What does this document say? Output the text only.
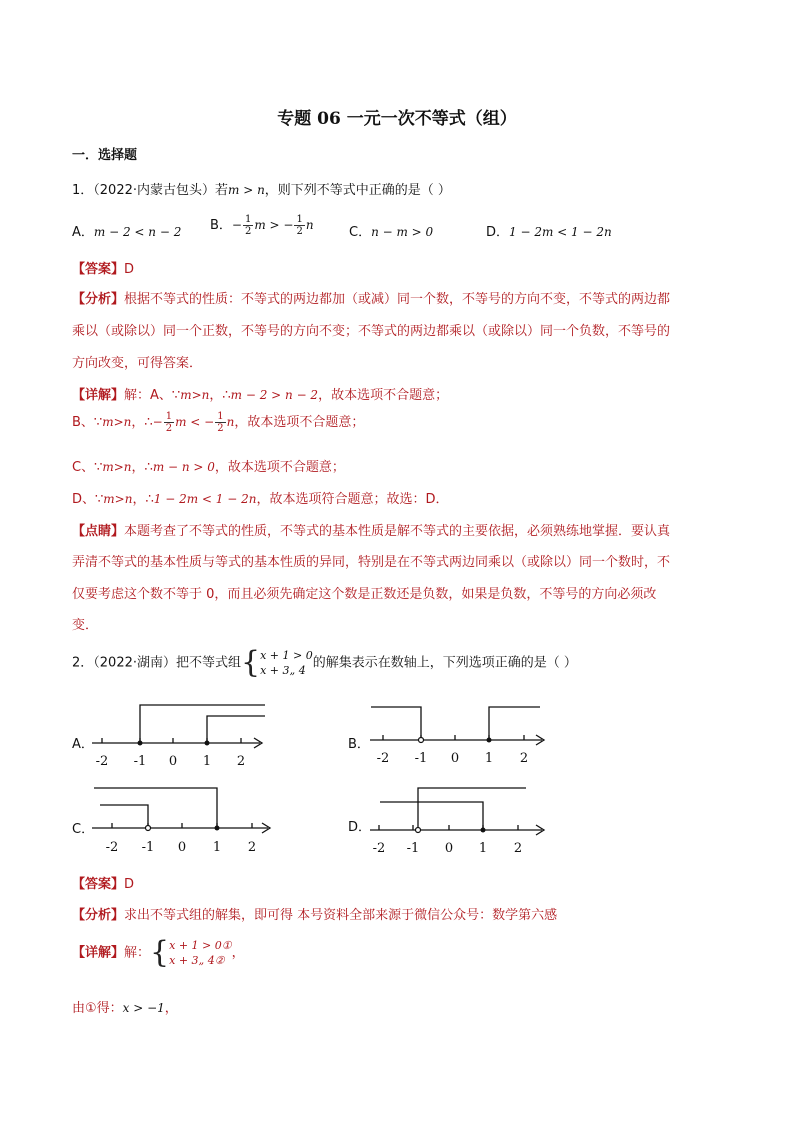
专题 06 一元一次不等式（组）
一．选择题
1．（2022·内蒙古包头）若m > n，则下列不等式中正确的是（ ）
A．m − 2 < n − 2 B．− $\frac{1}{2}$ m > − $\frac{1}{2}$ n	C．n − m > 0	D．1 − 2m < 1 − 2n
【答案】D
【分析】根据不等式的性质：不等式的两边都加（或减）同一个数，不等号的方向不变，不等式的两边都
乘以（或除以）同一个正数，不等号的方向不变；不等式的两边都乘以（或除以）同一个负数，不等号的
方向改变，可得答案．
【详解】解：A、∵m>n，∴m − 2 > n − 2，故本选项不合题意；
B、∵m>n，∴− $\frac{1}{2}$ m < − $\frac{1}{2}$ n，故本选项不合题意；
C、∵m>n，∴m − n > 0，故本选项不合题意；
D、∵m>n，∴1 − 2m < 1 − 2n，故本选项符合题意；故选：D．
【点睛】本题考查了不等式的性质，不等式的基本性质是解不等式的主要依据，必须熟练地掌握．要认真
弄清不等式的基本性质与等式的基本性质的异同，特别是在不等式两边同乘以（或除以）同一个数时，不
仅要考虑这个数不等于 0，而且必须先确定这个数是正数还是负数，如果是负数，不等号的方向必须改
变．
2．（2022·湖南）把不等式组{ x + 1 > 0
x + 3„ 4 的解集表示在数轴上，下列选项正确的是（ ）
A．	B．
C．	D．
-2 -1 0 1 2	-2 -1 0 1 2
-2 -1 0 1 2	-2 -1 0 1 2
【答案】D
【分析】求出不等式组的解集，即可得 本号资料全部来源于微信公众号：数学第六感
【详解】解：{ x + 1 > 0①
x + 3„ 4② ，
由①得：x > −1，
